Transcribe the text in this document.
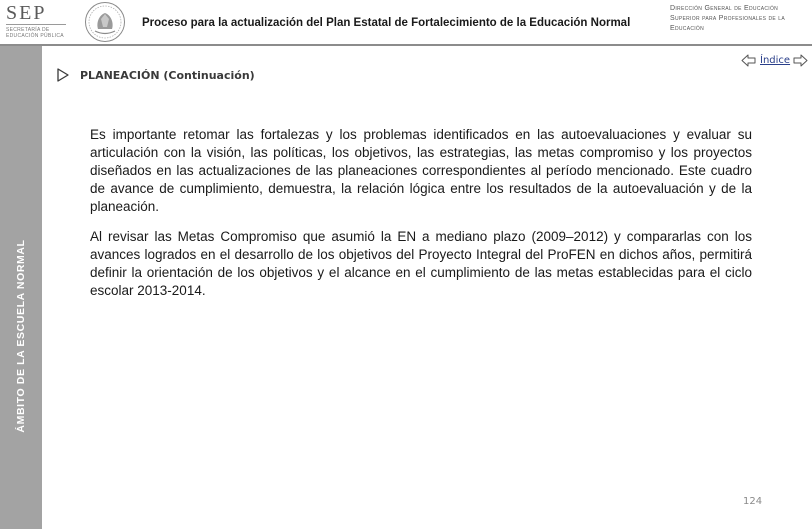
SEP
SECRETARÍA DE EDUCACIÓN PÚBLICA
Proceso para la actualización del Plan Estatal de Fortalecimiento de la Educación Normal
Dirección General de Educación Superior para Profesionales de la Educación
ÁMBITO DE LA ESCUELA NORMAL
PLANEACIÓN (Continuación)
Índice

Es importante retomar las fortalezas y los problemas identificados en las autoevaluaciones y evaluar su articulación con la visión, las políticas, los objetivos, las estrategias, las metas compromiso y los proyectos diseñados en las actualizaciones de las planeaciones correspondientes al período mencionado. Este cuadro de avance de cumplimiento, demuestra, la relación lógica entre los resultados de la autoevaluación y de la planeación.

Al revisar las Metas Compromiso que asumió la EN a mediano plazo (2009–2012) y compararlas con los avances logrados en el desarrollo de los objetivos del Proyecto Integral del ProFEN en dichos años, permitirá definir la orientación de los objetivos y el alcance en el cumplimiento de las metas establecidas para el ciclo escolar 2013-2014.

124
